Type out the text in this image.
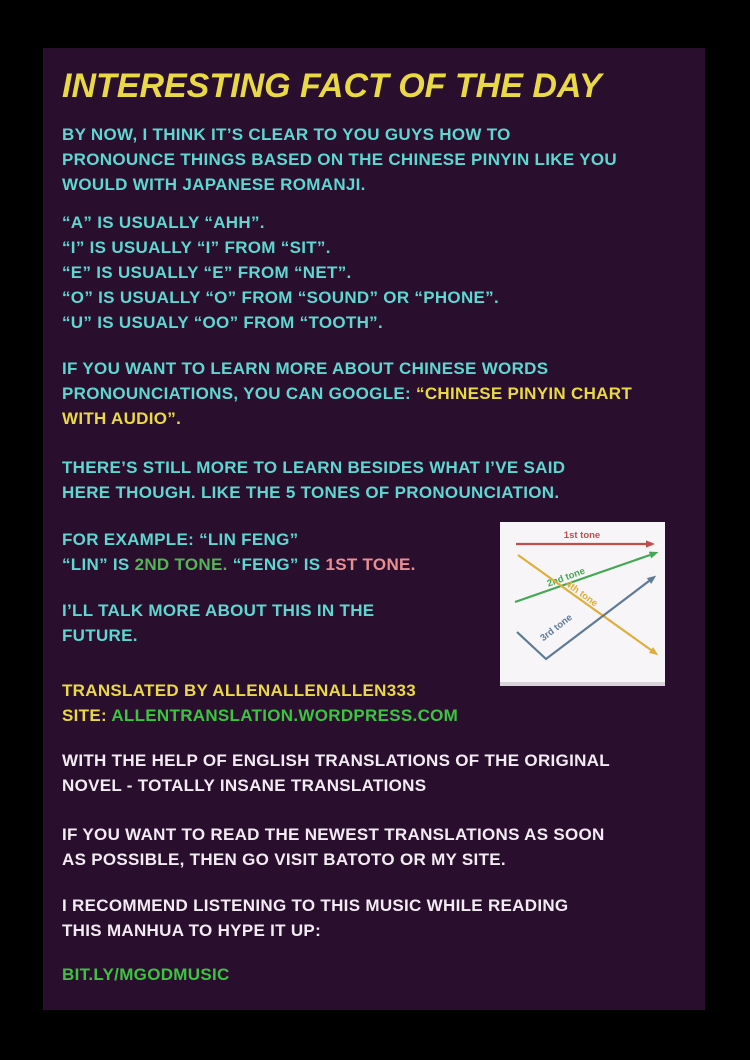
INTERESTING FACT OF THE DAY
BY NOW, I THINK IT’S CLEAR TO YOU GUYS HOW TO
PRONOUNCE THINGS BASED ON THE CHINESE PINYIN LIKE YOU
WOULD WITH JAPANESE ROMANJI.
“A” IS USUALLY “AHH”.
“I” IS USUALLY “I” FROM “SIT”.
“E” IS USUALLY “E” FROM “NET”.
“O” IS USUALLY “O” FROM “SOUND” OR “PHONE”.
“U” IS USUALY “OO” FROM “TOOTH”.
IF YOU WANT TO LEARN MORE ABOUT CHINESE WORDS
PRONOUNCIATIONS, YOU CAN GOOGLE: “CHINESE PINYIN CHART
WITH AUDIO”.
THERE’S STILL MORE TO LEARN BESIDES WHAT I’VE SAID
HERE THOUGH. LIKE THE 5 TONES OF PRONOUNCIATION.
FOR EXAMPLE: “LIN FENG”
“LIN” IS 2ND TONE. “FENG” IS 1ST TONE.
I’LL TALK MORE ABOUT THIS IN THE
FUTURE.
TRANSLATED BY ALLENALLENALLEN333
SITE: ALLENTRANSLATION.WORDPRESS.COM
WITH THE HELP OF ENGLISH TRANSLATIONS OF THE ORIGINAL
NOVEL - TOTALLY INSANE TRANSLATIONS
IF YOU WANT TO READ THE NEWEST TRANSLATIONS AS SOON
AS POSSIBLE, THEN GO VISIT BATOTO OR MY SITE.
I RECOMMEND LISTENING TO THIS MUSIC WHILE READING
THIS MANHUA TO HYPE IT UP:
BIT.LY/MGODMUSIC
1st tone
2nd tone
4th tone
3rd tone
